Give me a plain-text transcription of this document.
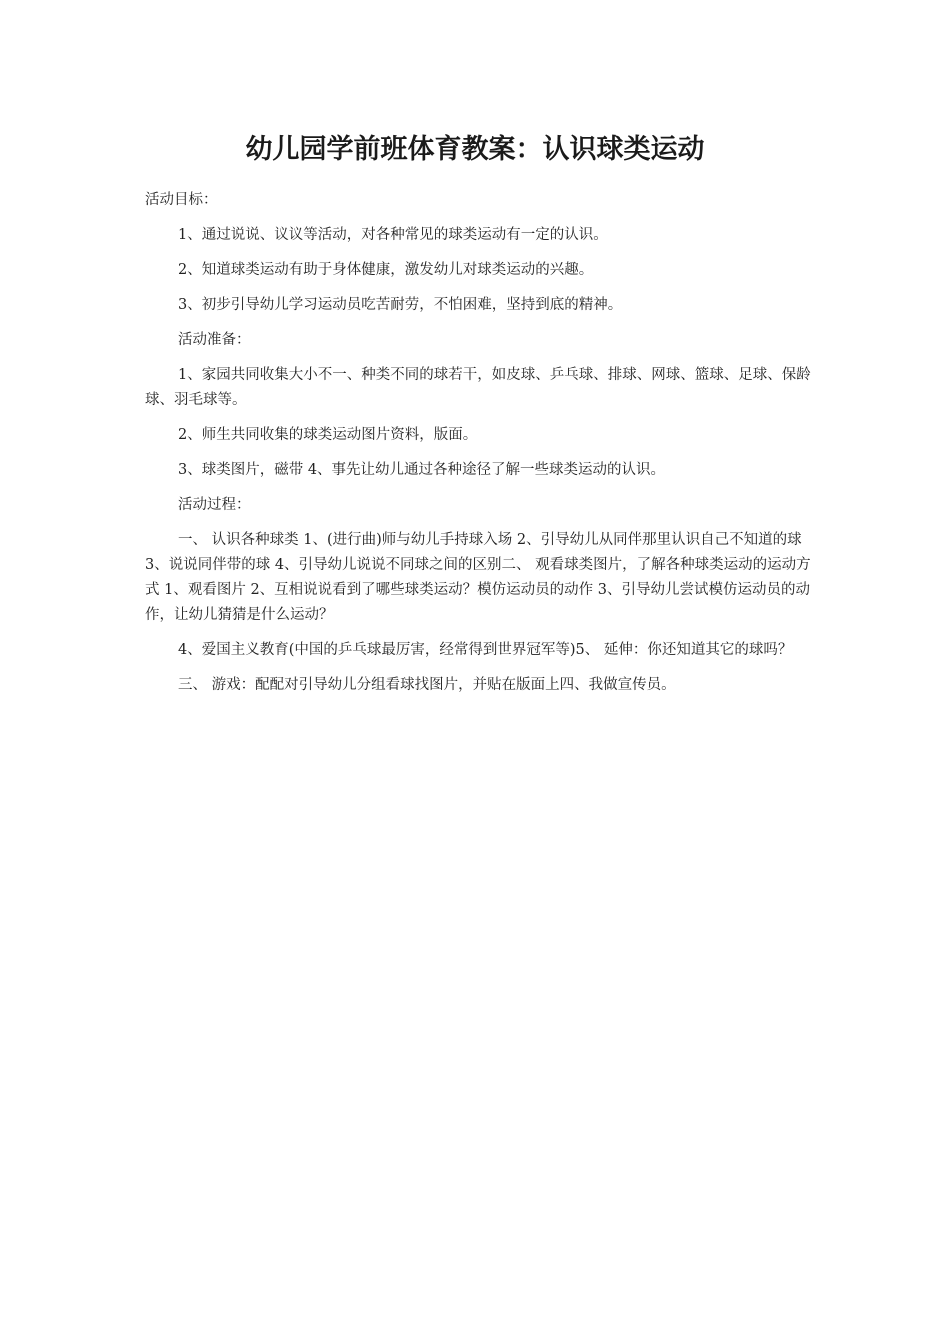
幼儿园学前班体育教案：认识球类运动

活动目标：

1、通过说说、议议等活动，对各种常见的球类运动有一定的认识。

2、知道球类运动有助于身体健康，激发幼儿对球类运动的兴趣。

3、初步引导幼儿学习运动员吃苦耐劳，不怕困难，坚持到底的精神。

活动准备：

1、家园共同收集大小不一、种类不同的球若干，如皮球、乒乓球、排球、网球、篮球、足球、保龄球、羽毛球等。

2、师生共同收集的球类运动图片资料，版面。

3、球类图片，磁带 4、事先让幼儿通过各种途径了解一些球类运动的认识。

活动过程：

一、 认识各种球类 1、(进行曲)师与幼儿手持球入场 2、引导幼儿从同伴那里认识自己不知道的球 3、说说同伴带的球 4、引导幼儿说说不同球之间的区别二、 观看球类图片，了解各种球类运动的运动方式 1、观看图片 2、互相说说看到了哪些球类运动？模仿运动员的动作 3、引导幼儿尝试模仿运动员的动作，让幼儿猜猜是什么运动？

4、爱国主义教育(中国的乒乓球最厉害，经常得到世界冠军等)5、 延伸：你还知道其它的球吗？

三、 游戏：配配对引导幼儿分组看球找图片，并贴在版面上四、我做宣传员。
